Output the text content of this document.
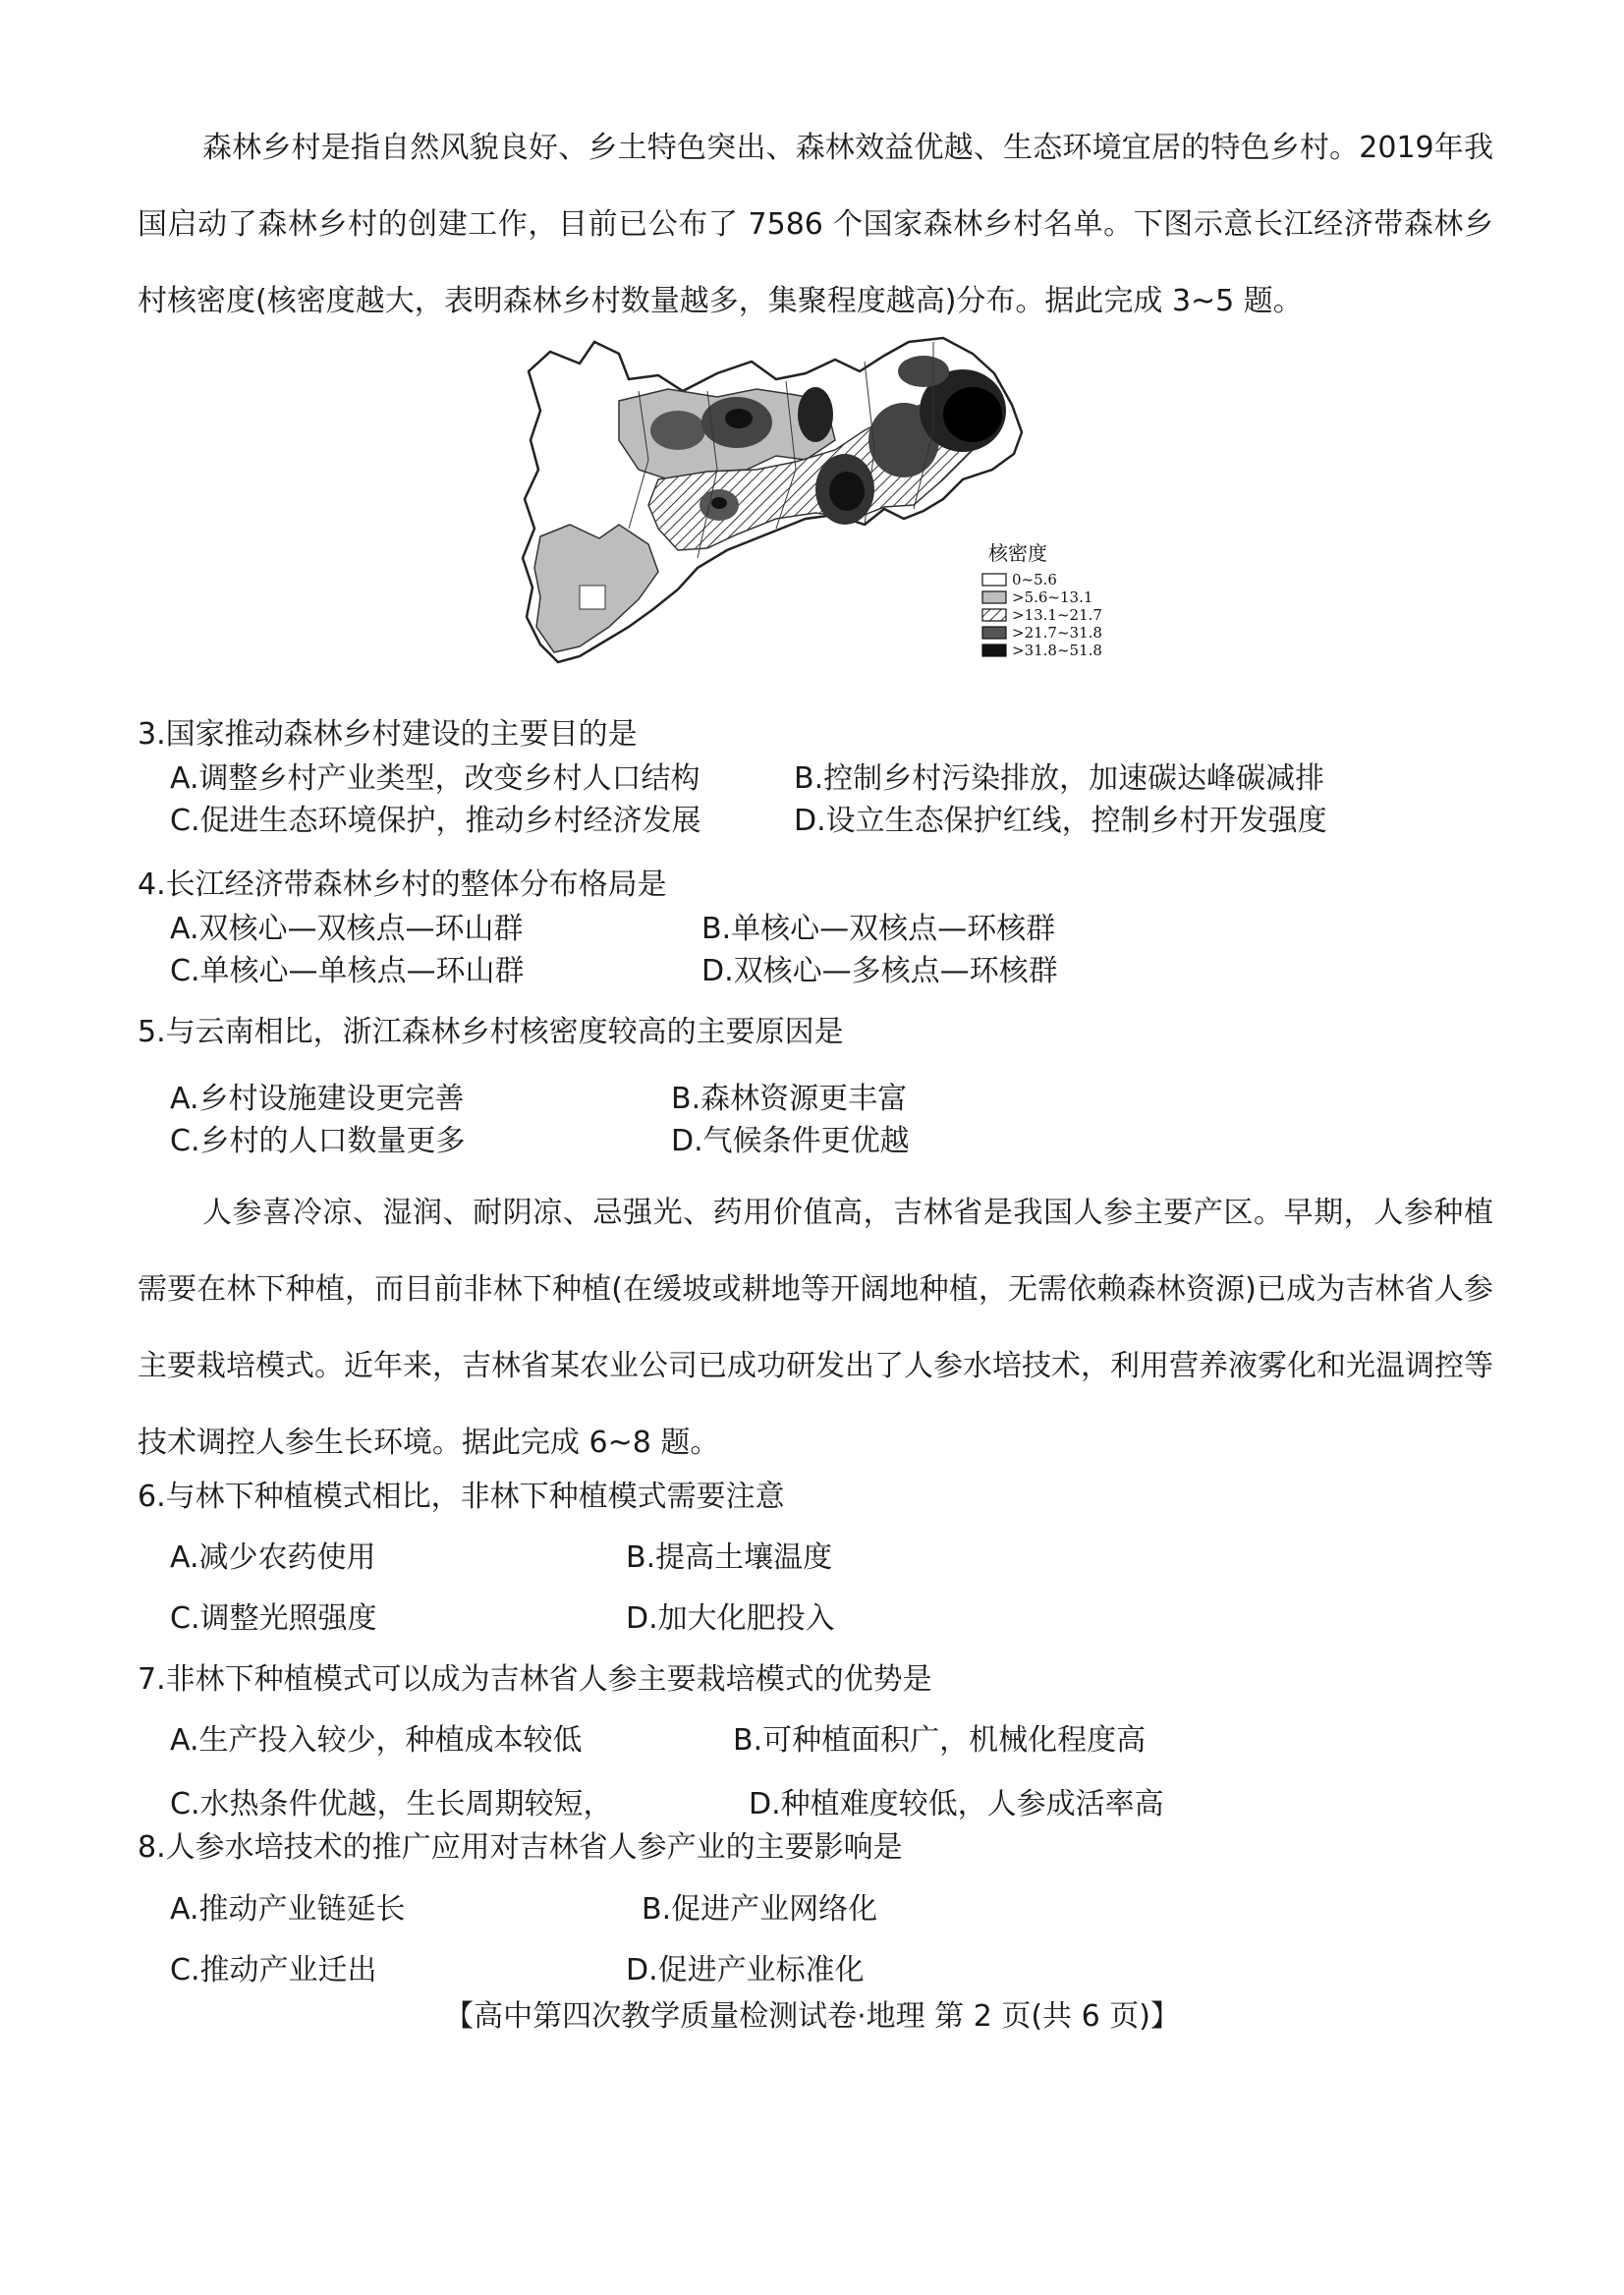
森林乡村是指自然风貌良好、乡土特色突出、森林效益优越、生态环境宜居的特色乡村。2019年我国启动了森林乡村的创建工作，目前已公布了 7586 个国家森林乡村名单。下图示意长江经济带森林乡村核密度(核密度越大，表明森林乡村数量越多，集聚程度越高)分布。据此完成 3~5 题。

核密度
0~5.6
>5.6~13.1
>13.1~21.7
>21.7~31.8
>31.8~51.8

3.国家推动森林乡村建设的主要目的是

A.调整乡村产业类型，改变乡村人口结构	B.控制乡村污染排放，加速碳达峰碳减排

C.促进生态环境保护，推动乡村经济发展	D.设立生态保护红线，控制乡村开发强度

4.长江经济带森林乡村的整体分布格局是

A.双核心—双核点—环山群	B.单核心—双核点—环核群

C.单核心—单核点—环山群	D.双核心—多核点—环核群

5.与云南相比，浙江森林乡村核密度较高的主要原因是

A.乡村设施建设更完善	B.森林资源更丰富

C.乡村的人口数量更多	D.气候条件更优越

人参喜冷凉、湿润、耐阴凉、忌强光、药用价值高，吉林省是我国人参主要产区。早期，人参种植需要在林下种植，而目前非林下种植(在缓坡或耕地等开阔地种植，无需依赖森林资源)已成为吉林省人参主要栽培模式。近年来，吉林省某农业公司已成功研发出了人参水培技术，利用营养液雾化和光温调控等技术调控人参生长环境。据此完成 6~8 题。

6.与林下种植模式相比，非林下种植模式需要注意

A.减少农药使用	B.提高土壤温度

C.调整光照强度	D.加大化肥投入

7.非林下种植模式可以成为吉林省人参主要栽培模式的优势是

A.生产投入较少，种植成本较低	B.可种植面积广，机械化程度高

C.水热条件优越，生长周期较短，	D.种植难度较低，人参成活率高

8.人参水培技术的推广应用对吉林省人参产业的主要影响是

A.推动产业链延长	B.促进产业网络化

C.推动产业迁出	D.促进产业标准化

【高中第四次教学质量检测试卷·地理 第 2 页(共 6 页)】
